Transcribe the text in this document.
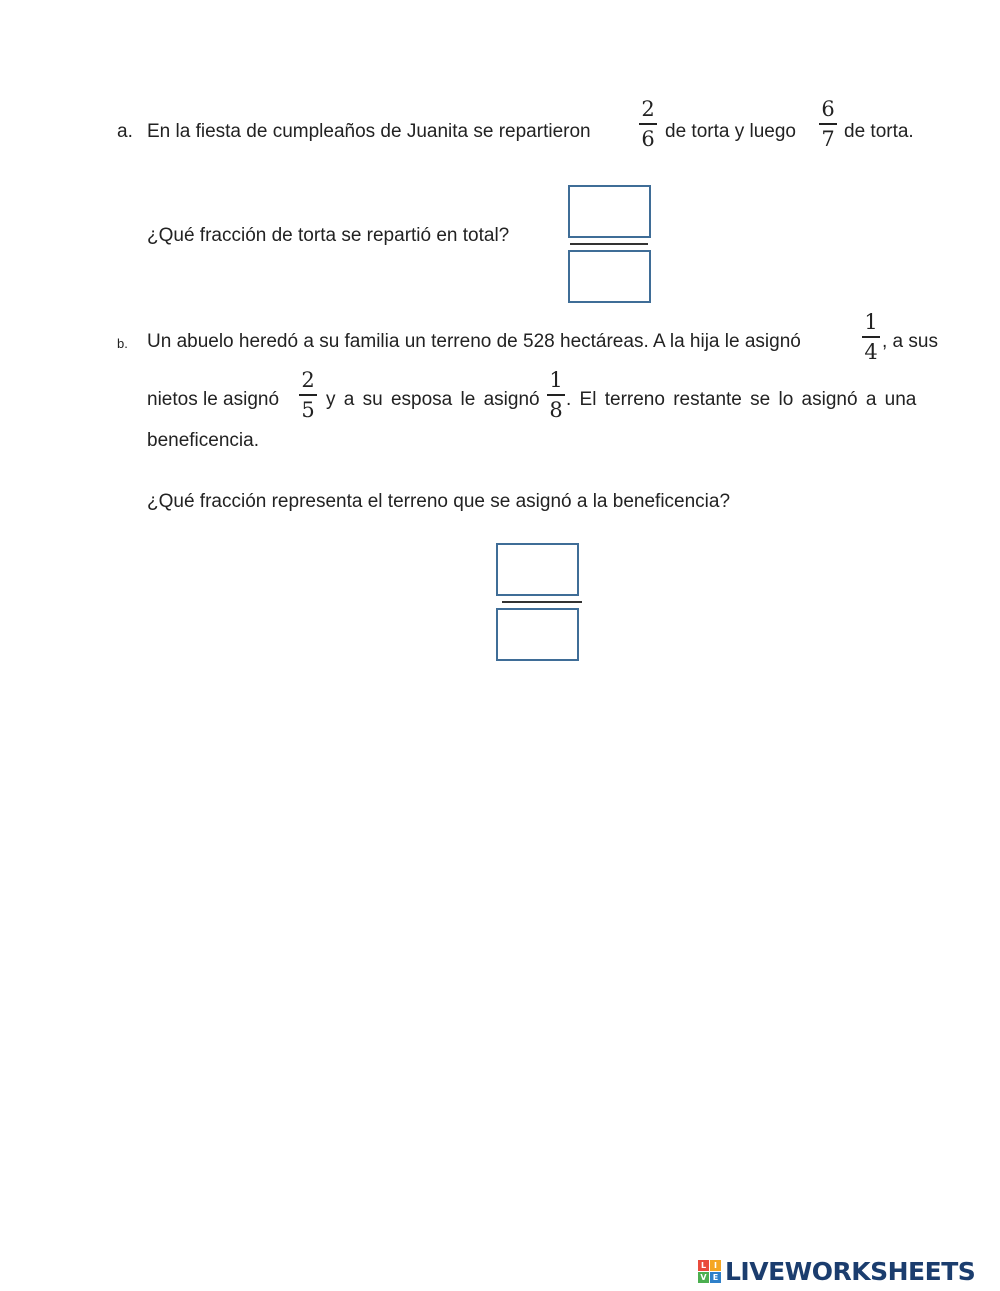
a. En la fiesta de cumpleaños de Juanita se repartieron
2
6 de torta y luego
6
7 de torta.
¿Qué fracción de torta se repartió en total?
b. Un abuelo heredó a su familia un terreno de 528 hectáreas. A la hija le asignó
1
4 , a sus
nietos le asignó
2
5 y a su esposa le asignó
1
8 . El terreno restante se lo asignó a una
beneficencia.
¿Qué fracción representa el terreno que se asignó a la beneficencia?
L I
V E LIVEWORKSHEETS
